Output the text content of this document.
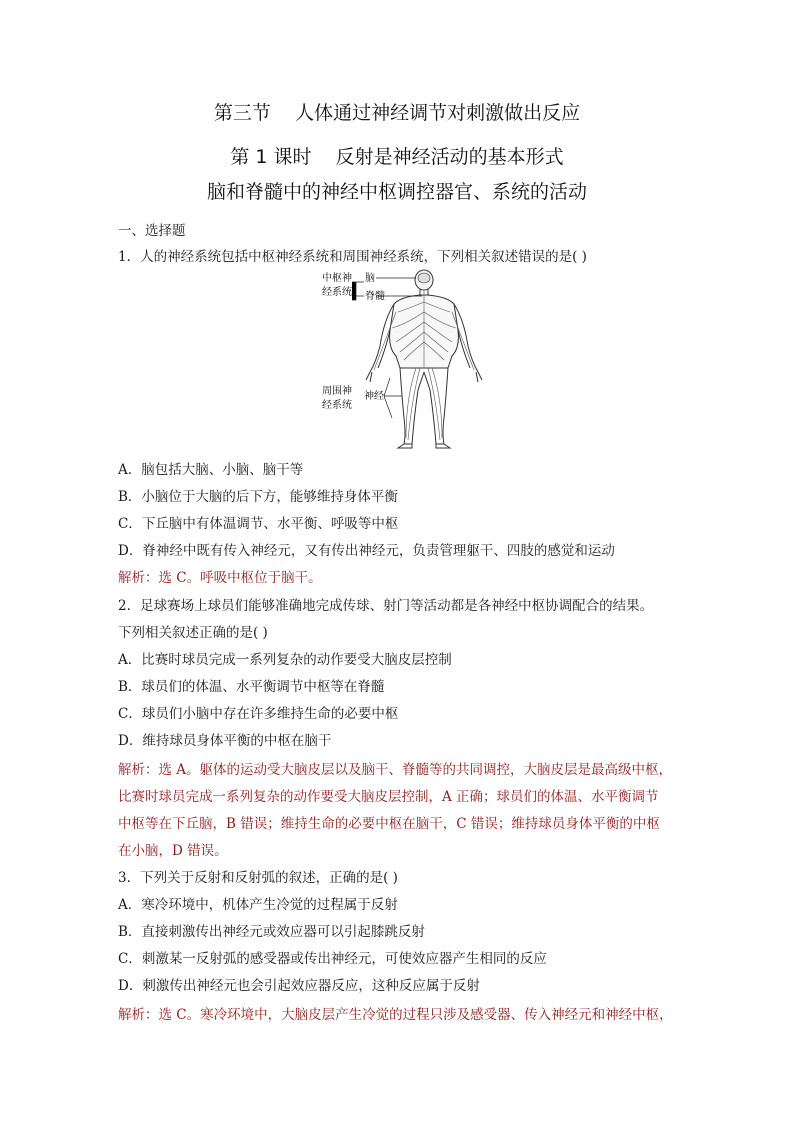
第三节    人体通过神经调节对刺激做出反应
第 1 课时    反射是神经活动的基本形式
脑和脊髓中的神经中枢调控器官、系统的活动
一、选择题
1．人的神经系统包括中枢神经系统和周围神经系统，下列相关叙述错误的是( )
中枢神
经系统
脑
脊髓
周围神
经系统
神经
A．脑包括大脑、小脑、脑干等
B．小脑位于大脑的后下方，能够维持身体平衡
C．下丘脑中有体温调节、水平衡、呼吸等中枢
D．脊神经中既有传入神经元，又有传出神经元，负责管理躯干、四肢的感觉和运动
解析：选 C。呼吸中枢位于脑干。
2．足球赛场上球员们能够准确地完成传球、射门等活动都是各神经中枢协调配合的结果。
下列相关叙述正确的是( )
A．比赛时球员完成一系列复杂的动作要受大脑皮层控制
B．球员们的体温、水平衡调节中枢等在脊髓
C．球员们小脑中存在许多维持生命的必要中枢
D．维持球员身体平衡的中枢在脑干
解析：选 A。躯体的运动受大脑皮层以及脑干、脊髓等的共同调控，大脑皮层是最高级中枢，
比赛时球员完成一系列复杂的动作要受大脑皮层控制，A 正确；球员们的体温、水平衡调节
中枢等在下丘脑，B 错误；维持生命的必要中枢在脑干，C 错误；维持球员身体平衡的中枢
在小脑，D 错误。
3．下列关于反射和反射弧的叙述，正确的是( )
A．寒冷环境中，机体产生冷觉的过程属于反射
B．直接刺激传出神经元或效应器可以引起膝跳反射
C．刺激某一反射弧的感受器或传出神经元，可使效应器产生相同的反应
D．刺激传出神经元也会引起效应器反应，这种反应属于反射
解析：选 C。寒冷环境中，大脑皮层产生冷觉的过程只涉及感受器、传入神经元和神经中枢，
